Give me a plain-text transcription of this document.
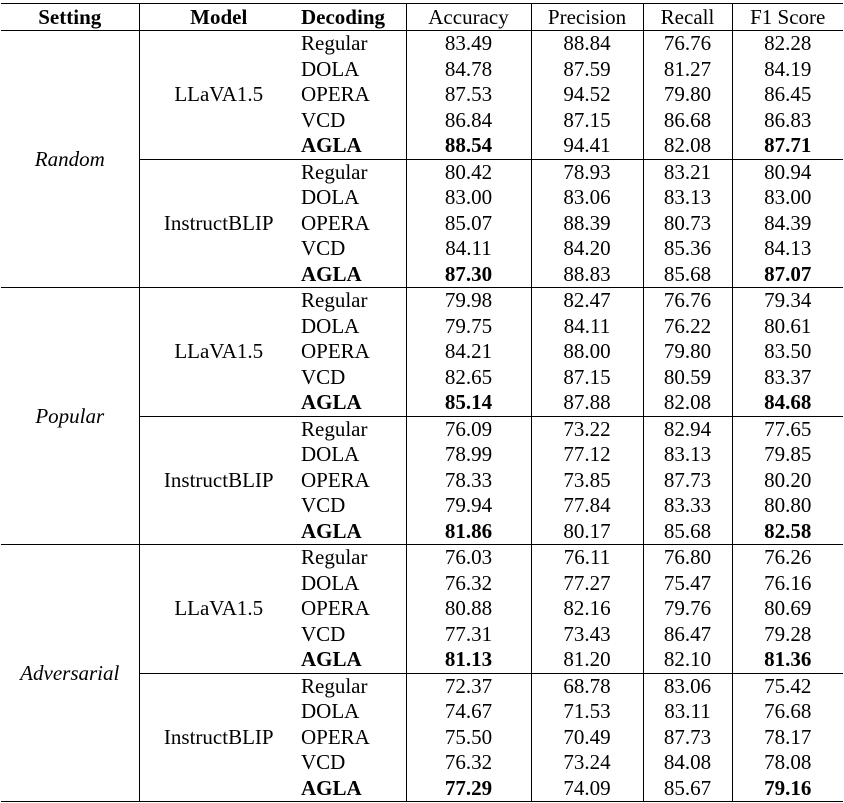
Setting	Model	Decoding	Accuracy	Precision	Recall	F1 Score
Random	LLaVA1.5	Regular	83.49	88.84	76.76	82.28
		DOLA	84.78	87.59	81.27	84.19
		OPERA	87.53	94.52	79.80	86.45
		VCD	86.84	87.15	86.68	86.83
		AGLA	88.54	94.41	82.08	87.71
	InstructBLIP	Regular	80.42	78.93	83.21	80.94
		DOLA	83.00	83.06	83.13	83.00
		OPERA	85.07	88.39	80.73	84.39
		VCD	84.11	84.20	85.36	84.13
		AGLA	87.30	88.83	85.68	87.07
Popular	LLaVA1.5	Regular	79.98	82.47	76.76	79.34
		DOLA	79.75	84.11	76.22	80.61
		OPERA	84.21	88.00	79.80	83.50
		VCD	82.65	87.15	80.59	83.37
		AGLA	85.14	87.88	82.08	84.68
	InstructBLIP	Regular	76.09	73.22	82.94	77.65
		DOLA	78.99	77.12	83.13	79.85
		OPERA	78.33	73.85	87.73	80.20
		VCD	79.94	77.84	83.33	80.80
		AGLA	81.86	80.17	85.68	82.58
Adversarial	LLaVA1.5	Regular	76.03	76.11	76.80	76.26
		DOLA	76.32	77.27	75.47	76.16
		OPERA	80.88	82.16	79.76	80.69
		VCD	77.31	73.43	86.47	79.28
		AGLA	81.13	81.20	82.10	81.36
	InstructBLIP	Regular	72.37	68.78	83.06	75.42
		DOLA	74.67	71.53	83.11	76.68
		OPERA	75.50	70.49	87.73	78.17
		VCD	76.32	73.24	84.08	78.08
		AGLA	77.29	74.09	85.67	79.16
